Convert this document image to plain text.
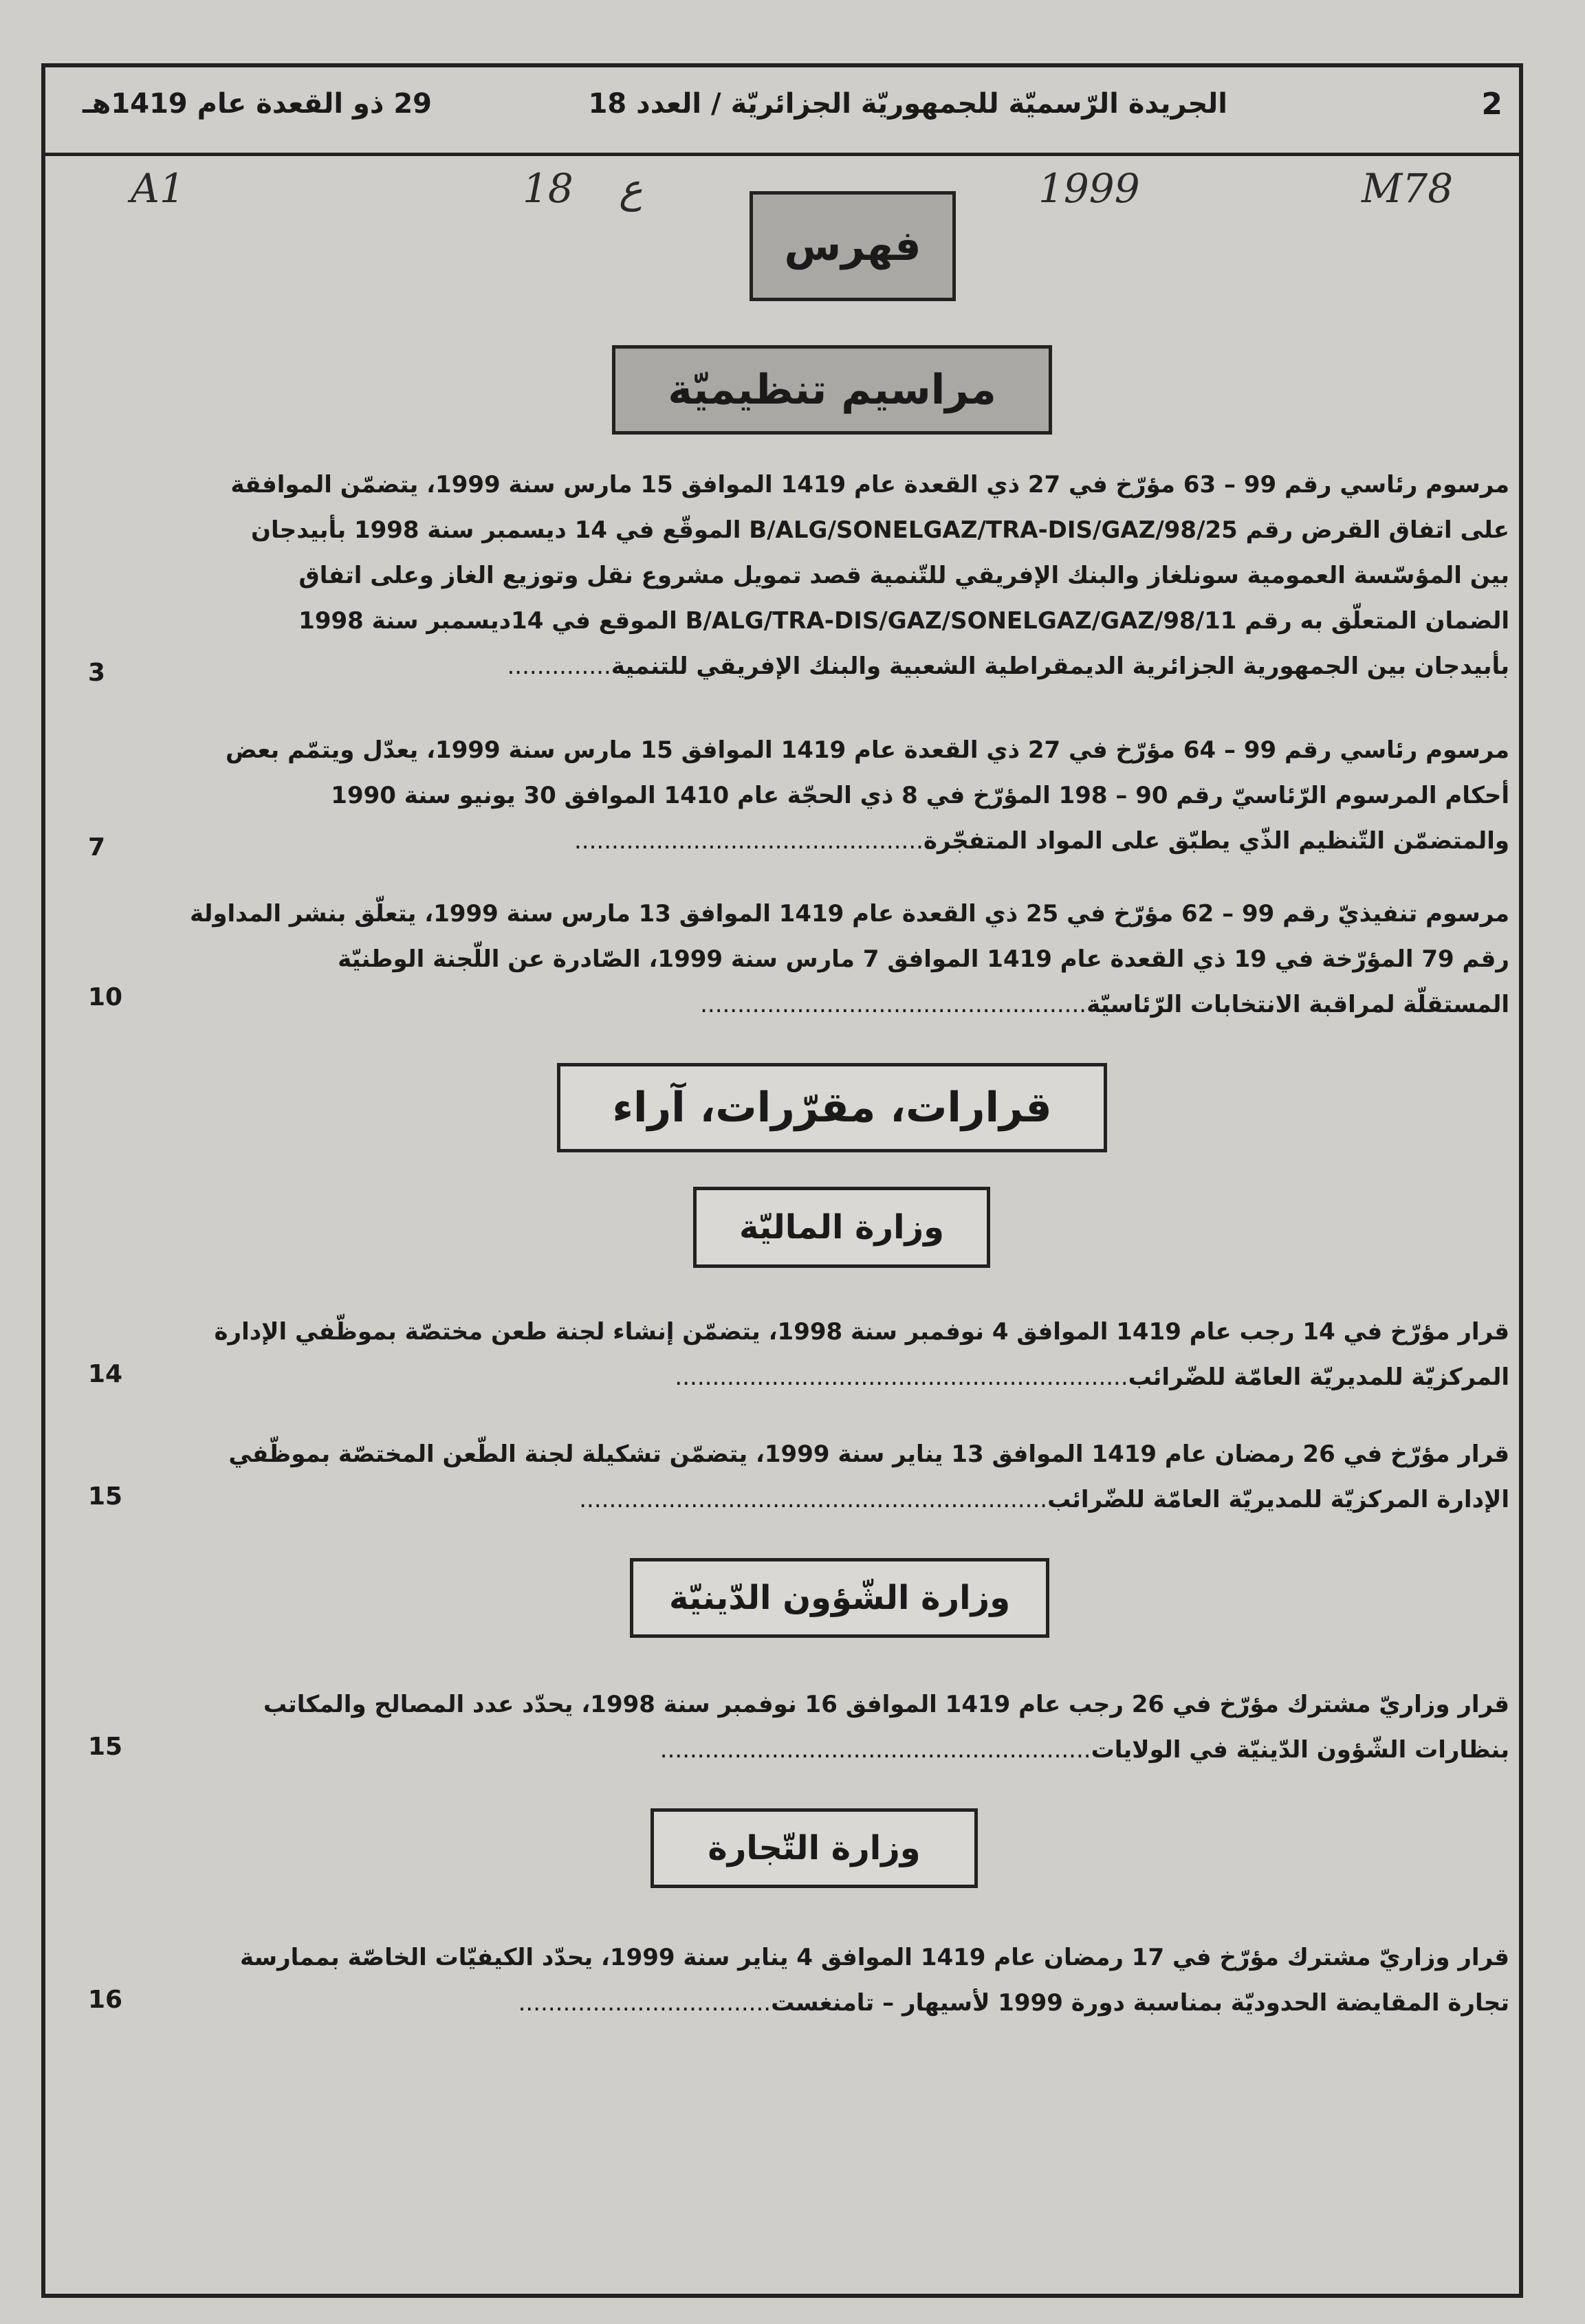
2
الجريدة الرّسميّة للجمهوريّة الجزائريّة / العدد 18
29 ذو القعدة عام 1419هـ
A1	18 ع	1999	M78
فهرس
مراسيم تنظيميّة
مرسوم رئاسي رقم 99 – 63 مؤرّخ في 27 ذي القعدة عام 1419 الموافق 15 مارس سنة 1999، يتضمّن الموافقة
على اتفاق القرض رقم B/ALG/SONELGAZ/TRA-DIS/GAZ/98/25 الموقّع في 14 ديسمبر سنة 1998 بأبيدجان
بين المؤسّسة العمومية سونلغاز والبنك الإفريقي للتّنمية قصد تمويل مشروع نقل وتوزيع الغاز وعلى اتفاق
الضمان المتعلّق به رقم B/ALG/TRA-DIS/GAZ/SONELGAZ/GAZ/98/11 الموقع في 14ديسمبر سنة 1998
بأبيدجان بين الجمهورية الجزائرية الديمقراطية الشعبية والبنك الإفريقي للتنمية..............
3
مرسوم رئاسي رقم 99 – 64 مؤرّخ في 27 ذي القعدة عام 1419 الموافق 15 مارس سنة 1999، يعدّل ويتمّم بعض
أحكام المرسوم الرّئاسيّ رقم 90 – 198 المؤرّخ في 8 ذي الحجّة عام 1410 الموافق 30 يونيو سنة 1990
والمتضمّن التّنظيم الذّي يطبّق على المواد المتفجّرة...............................................
7
مرسوم تنفيذيّ رقم 99 – 62 مؤرّخ في 25 ذي القعدة عام 1419 الموافق 13 مارس سنة 1999، يتعلّق بنشر المداولة
رقم 79 المؤرّخة في 19 ذي القعدة عام 1419 الموافق 7 مارس سنة 1999، الصّادرة عن اللّجنة الوطنيّة
المستقلّة لمراقبة الانتخابات الرّئاسيّة....................................................
10
قرارات، مقرّرات، آراء
وزارة الماليّة
قرار مؤرّخ في 14 رجب عام 1419 الموافق 4 نوفمبر سنة 1998، يتضمّن إنشاء لجنة طعن مختصّة بموظّفي الإدارة
المركزيّة للمديريّة العامّة للضّرائب.............................................................
14
قرار مؤرّخ في 26 رمضان عام 1419 الموافق 13 يناير سنة 1999، يتضمّن تشكيلة لجنة الطّعن المختصّة بموظّفي
الإدارة المركزيّة للمديريّة العامّة للضّرائب...............................................................
15
وزارة الشّؤون الدّينيّة
قرار وزاريّ مشترك مؤرّخ في 26 رجب عام 1419 الموافق 16 نوفمبر سنة 1998، يحدّد عدد المصالح والمكاتب
بنظارات الشّؤون الدّينيّة في الولايات..........................................................
15
وزارة التّجارة
قرار وزاريّ مشترك مؤرّخ في 17 رمضان عام 1419 الموافق 4 يناير سنة 1999، يحدّد الكيفيّات الخاصّة بممارسة
تجارة المقايضة الحدوديّة بمناسبة دورة 1999 لأسيهار – تامنغست..................................
16
